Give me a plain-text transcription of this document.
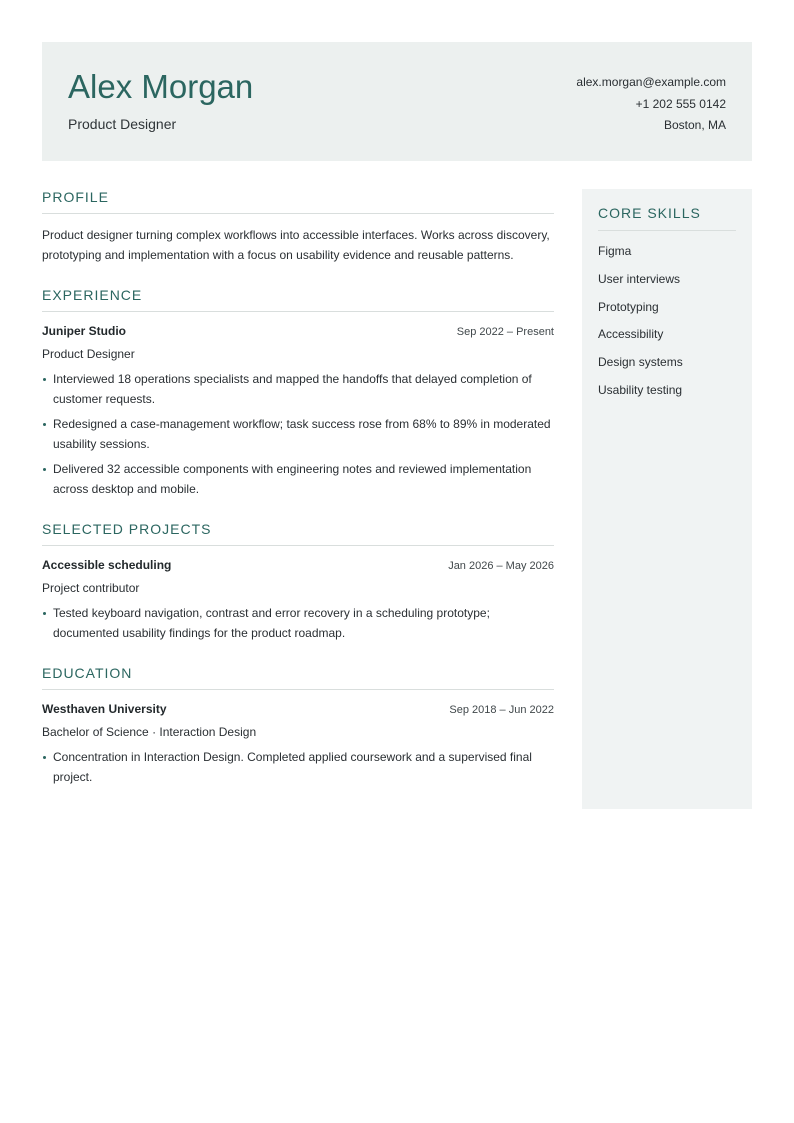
Alex Morgan
Product Designer
alex.morgan@example.com
+1 202 555 0142
Boston, MA
PROFILE
Product designer turning complex workflows into accessible interfaces. Works across discovery, prototyping and implementation with a focus on usability evidence and reusable patterns.
EXPERIENCE
Juniper Studio	Sep 2022 – Present
Product Designer
Interviewed 18 operations specialists and mapped the handoffs that delayed completion of customer requests.
Redesigned a case-management workflow; task success rose from 68% to 89% in moderated usability sessions.
Delivered 32 accessible components with engineering notes and reviewed implementation across desktop and mobile.
SELECTED PROJECTS
Accessible scheduling	Jan 2026 – May 2026
Project contributor
Tested keyboard navigation, contrast and error recovery in a scheduling prototype; documented usability findings for the product roadmap.
EDUCATION
Westhaven University	Sep 2018 – Jun 2022
Bachelor of Science · Interaction Design
Concentration in Interaction Design. Completed applied coursework and a supervised final project.
CORE SKILLS
Figma
User interviews
Prototyping
Accessibility
Design systems
Usability testing
